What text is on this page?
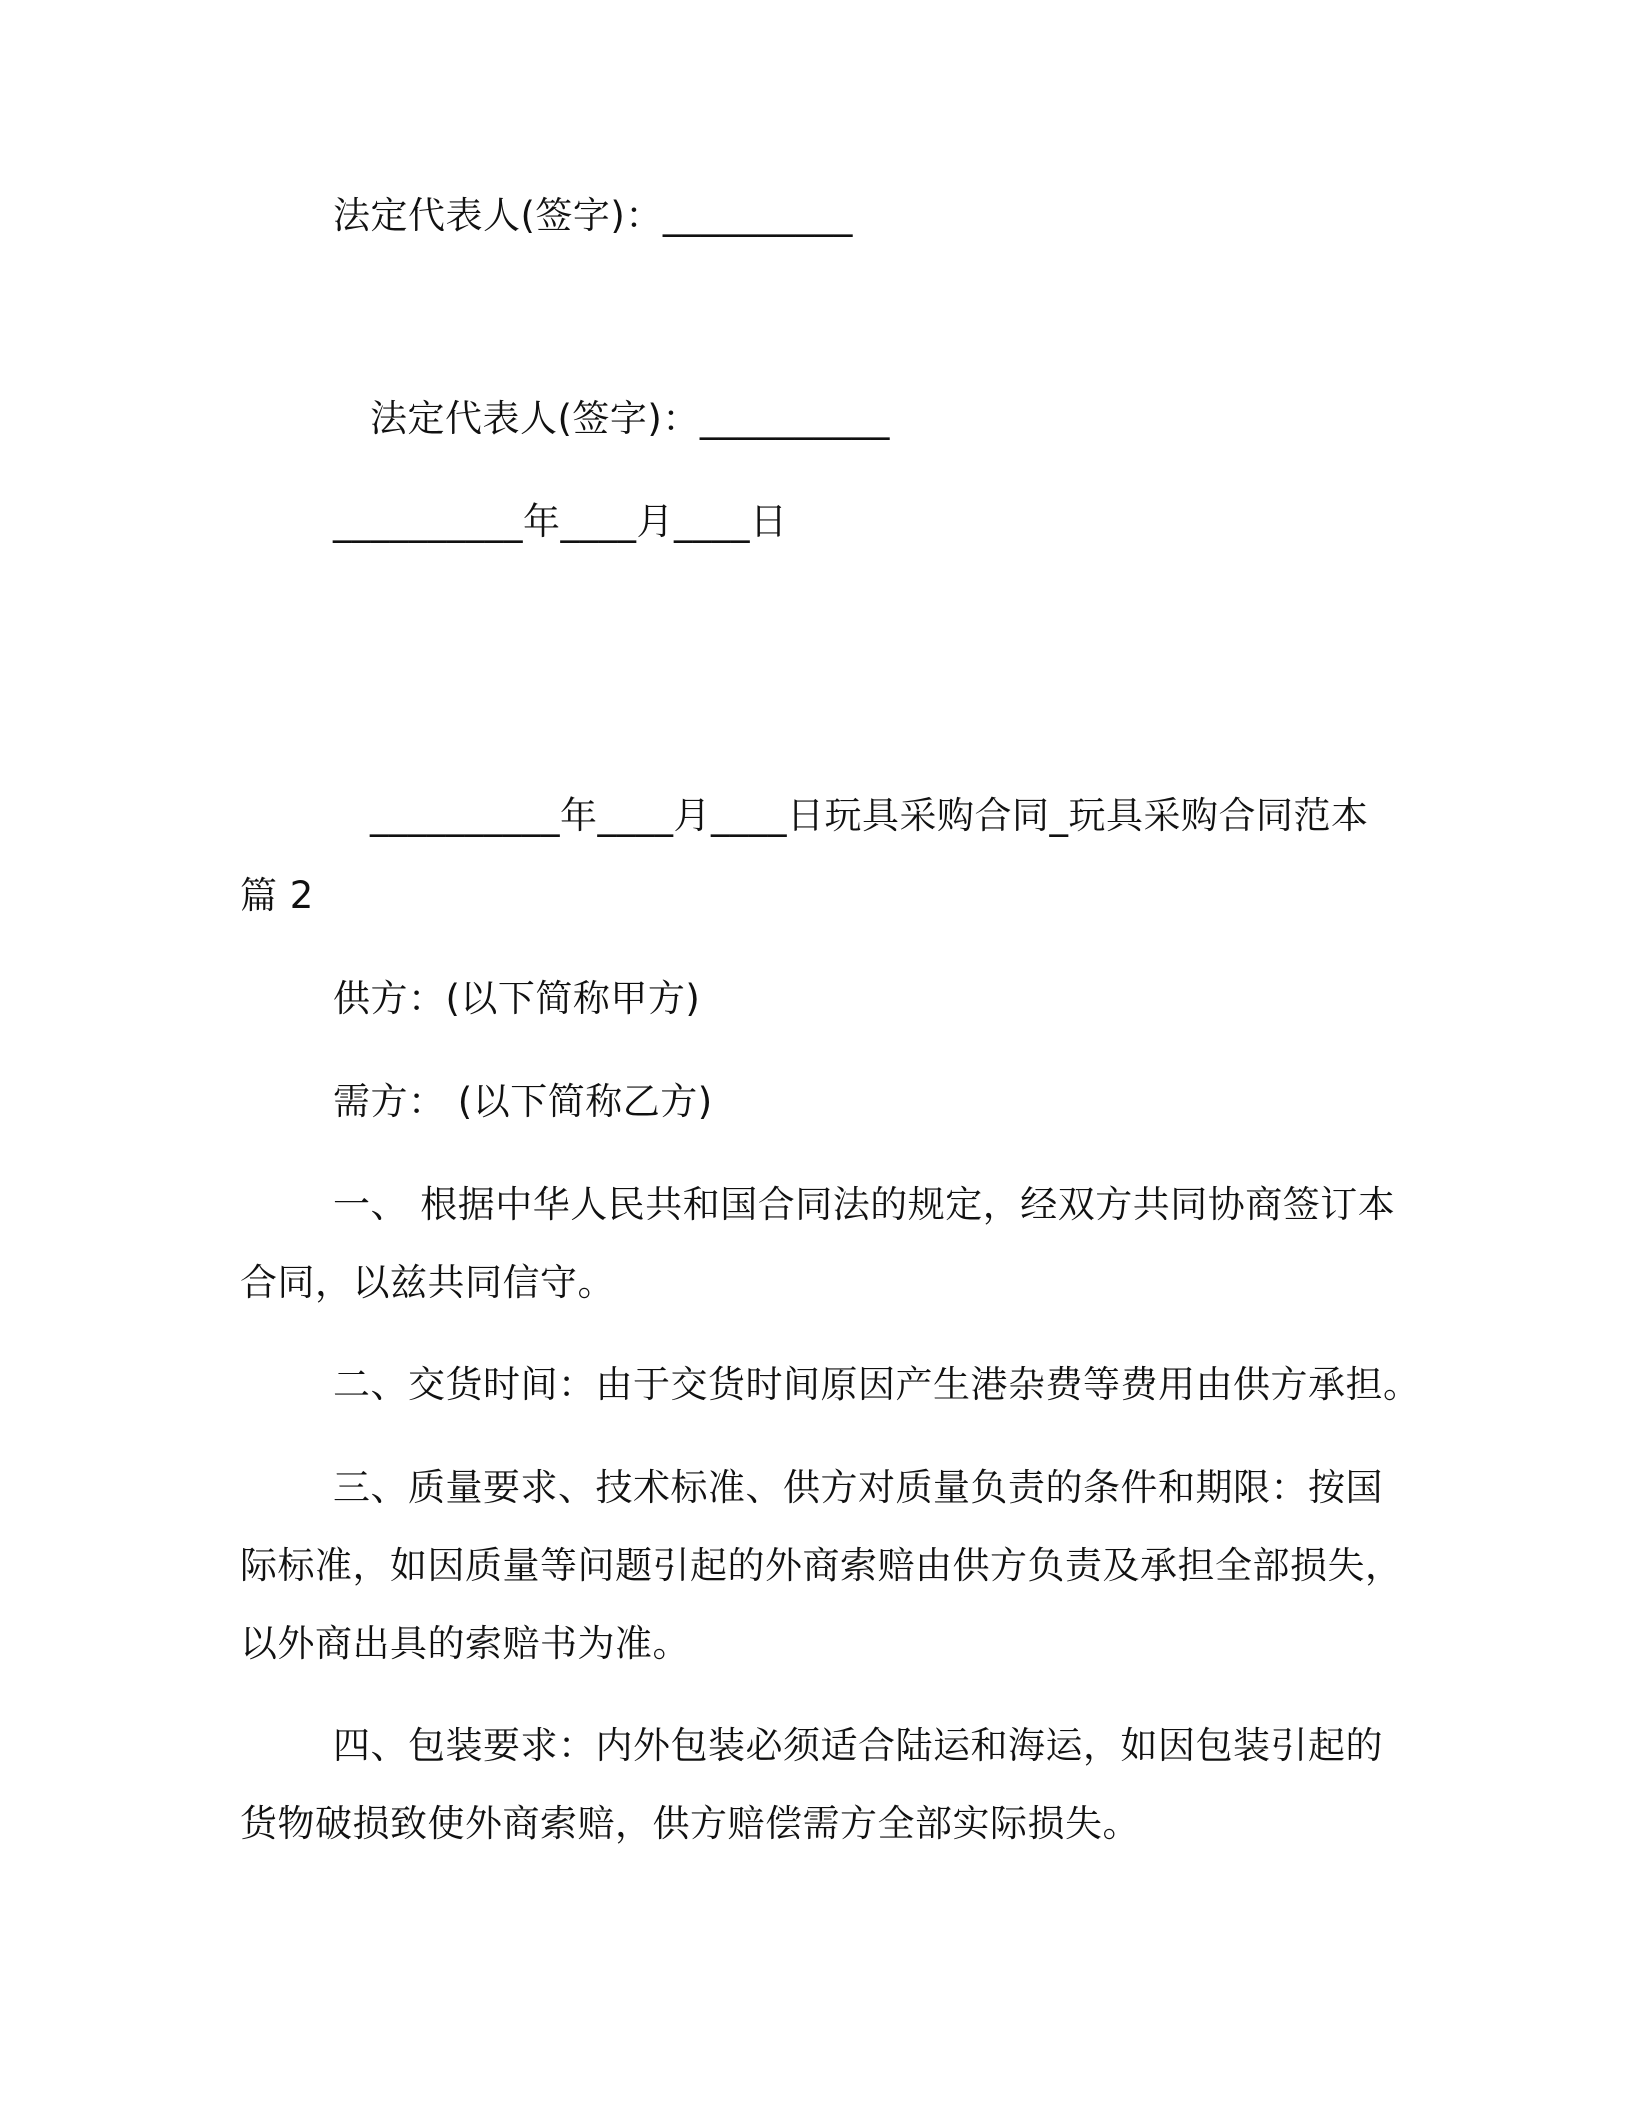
法定代表人(签字)：__________
法定代表人(签字)：__________
__________年____月____日
__________年____月____日玩具采购合同_玩具采购合同范本
篇 2
供方：(以下简称甲方)
需方： (以下简称乙方)
一、 根据中华人民共和国合同法的规定，经双方共同协商签订本
合同，以兹共同信守。
二、交货时间：由于交货时间原因产生港杂费等费用由供方承担。
三、质量要求、技术标准、供方对质量负责的条件和期限：按国
际标准，如因质量等问题引起的外商索赔由供方负责及承担全部损失，
以外商出具的索赔书为准。
四、包装要求：内外包装必须适合陆运和海运，如因包装引起的
货物破损致使外商索赔，供方赔偿需方全部实际损失。
